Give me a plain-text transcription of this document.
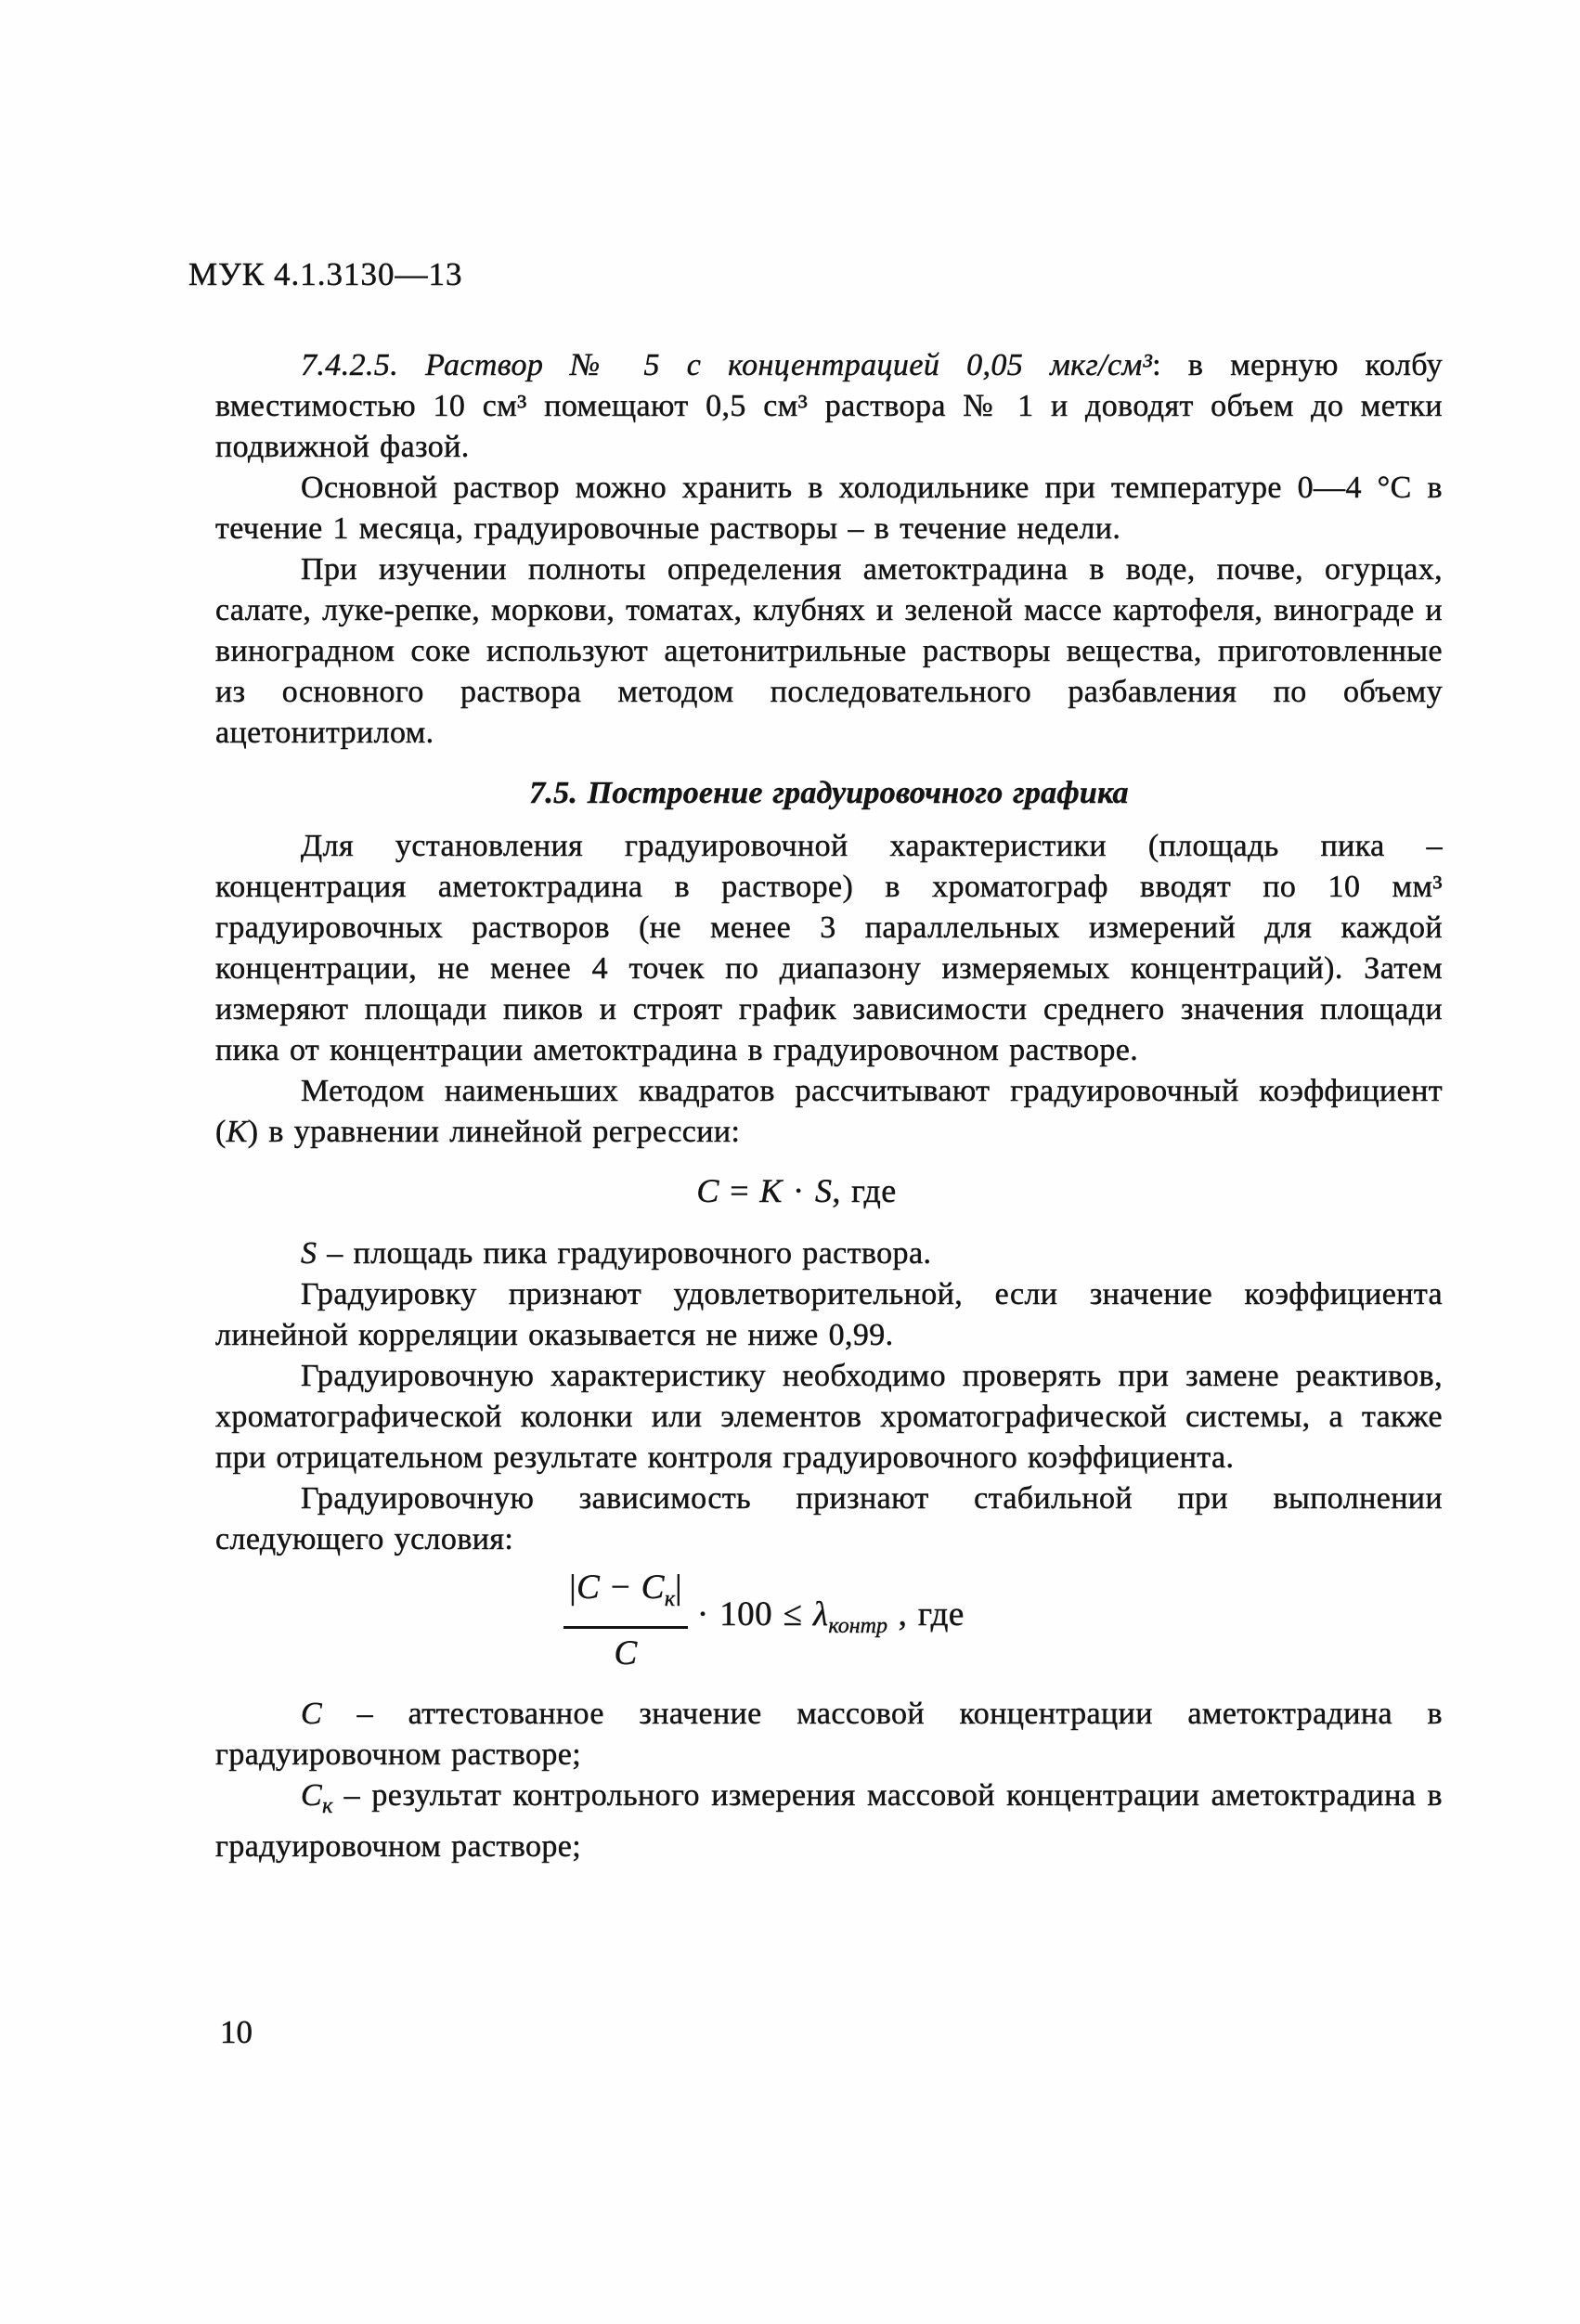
МУК 4.1.3130—13

7.4.2.5. Раствор № 5 с концентрацией 0,05 мкг/см³: в мерную колбу вместимостью 10 см³ помещают 0,5 см³ раствора № 1 и доводят объем до метки подвижной фазой.

Основной раствор можно хранить в холодильнике при температуре 0—4 °С в течение 1 месяца, градуировочные растворы – в течение недели.

При изучении полноты определения аметоктрадина в воде, почве, огурцах, салате, луке-репке, моркови, томатах, клубнях и зеленой массе картофеля, винограде и виноградном соке используют ацетонитрильные растворы вещества, приготовленные из основного раствора методом последовательного разбавления по объему ацетонитрилом.

7.5. Построение градуировочного графика

Для установления градуировочной характеристики (площадь пика – концентрация аметоктрадина в растворе) в хроматограф вводят по 10 мм³ градуировочных растворов (не менее 3 параллельных измерений для каждой концентрации, не менее 4 точек по диапазону измеряемых концентраций). Затем измеряют площади пиков и строят график зависимости среднего значения площади пика от концентрации аметоктрадина в градуировочном растворе.

Методом наименьших квадратов рассчитывают градуировочный коэффициент (К) в уравнении линейной регрессии:

C = K · S, где

S – площадь пика градуировочного раствора.

Градуировку признают удовлетворительной, если значение коэффициента линейной корреляции оказывается не ниже 0,99.

Градуировочную характеристику необходимо проверять при замене реактивов, хроматографической колонки или элементов хроматографической системы, а также при отрицательном результате контроля градуировочного коэффициента.

Градуировочную зависимость признают стабильной при выполнении следующего условия:

$\frac{|C - C_к|}{C} \cdot 100 \le \lambda_{контр}$ , где

C – аттестованное значение массовой концентрации аметоктрадина в градуировочном растворе;

$C_к$ – результат контрольного измерения массовой концентрации аметоктрадина в градуировочном растворе;

10
